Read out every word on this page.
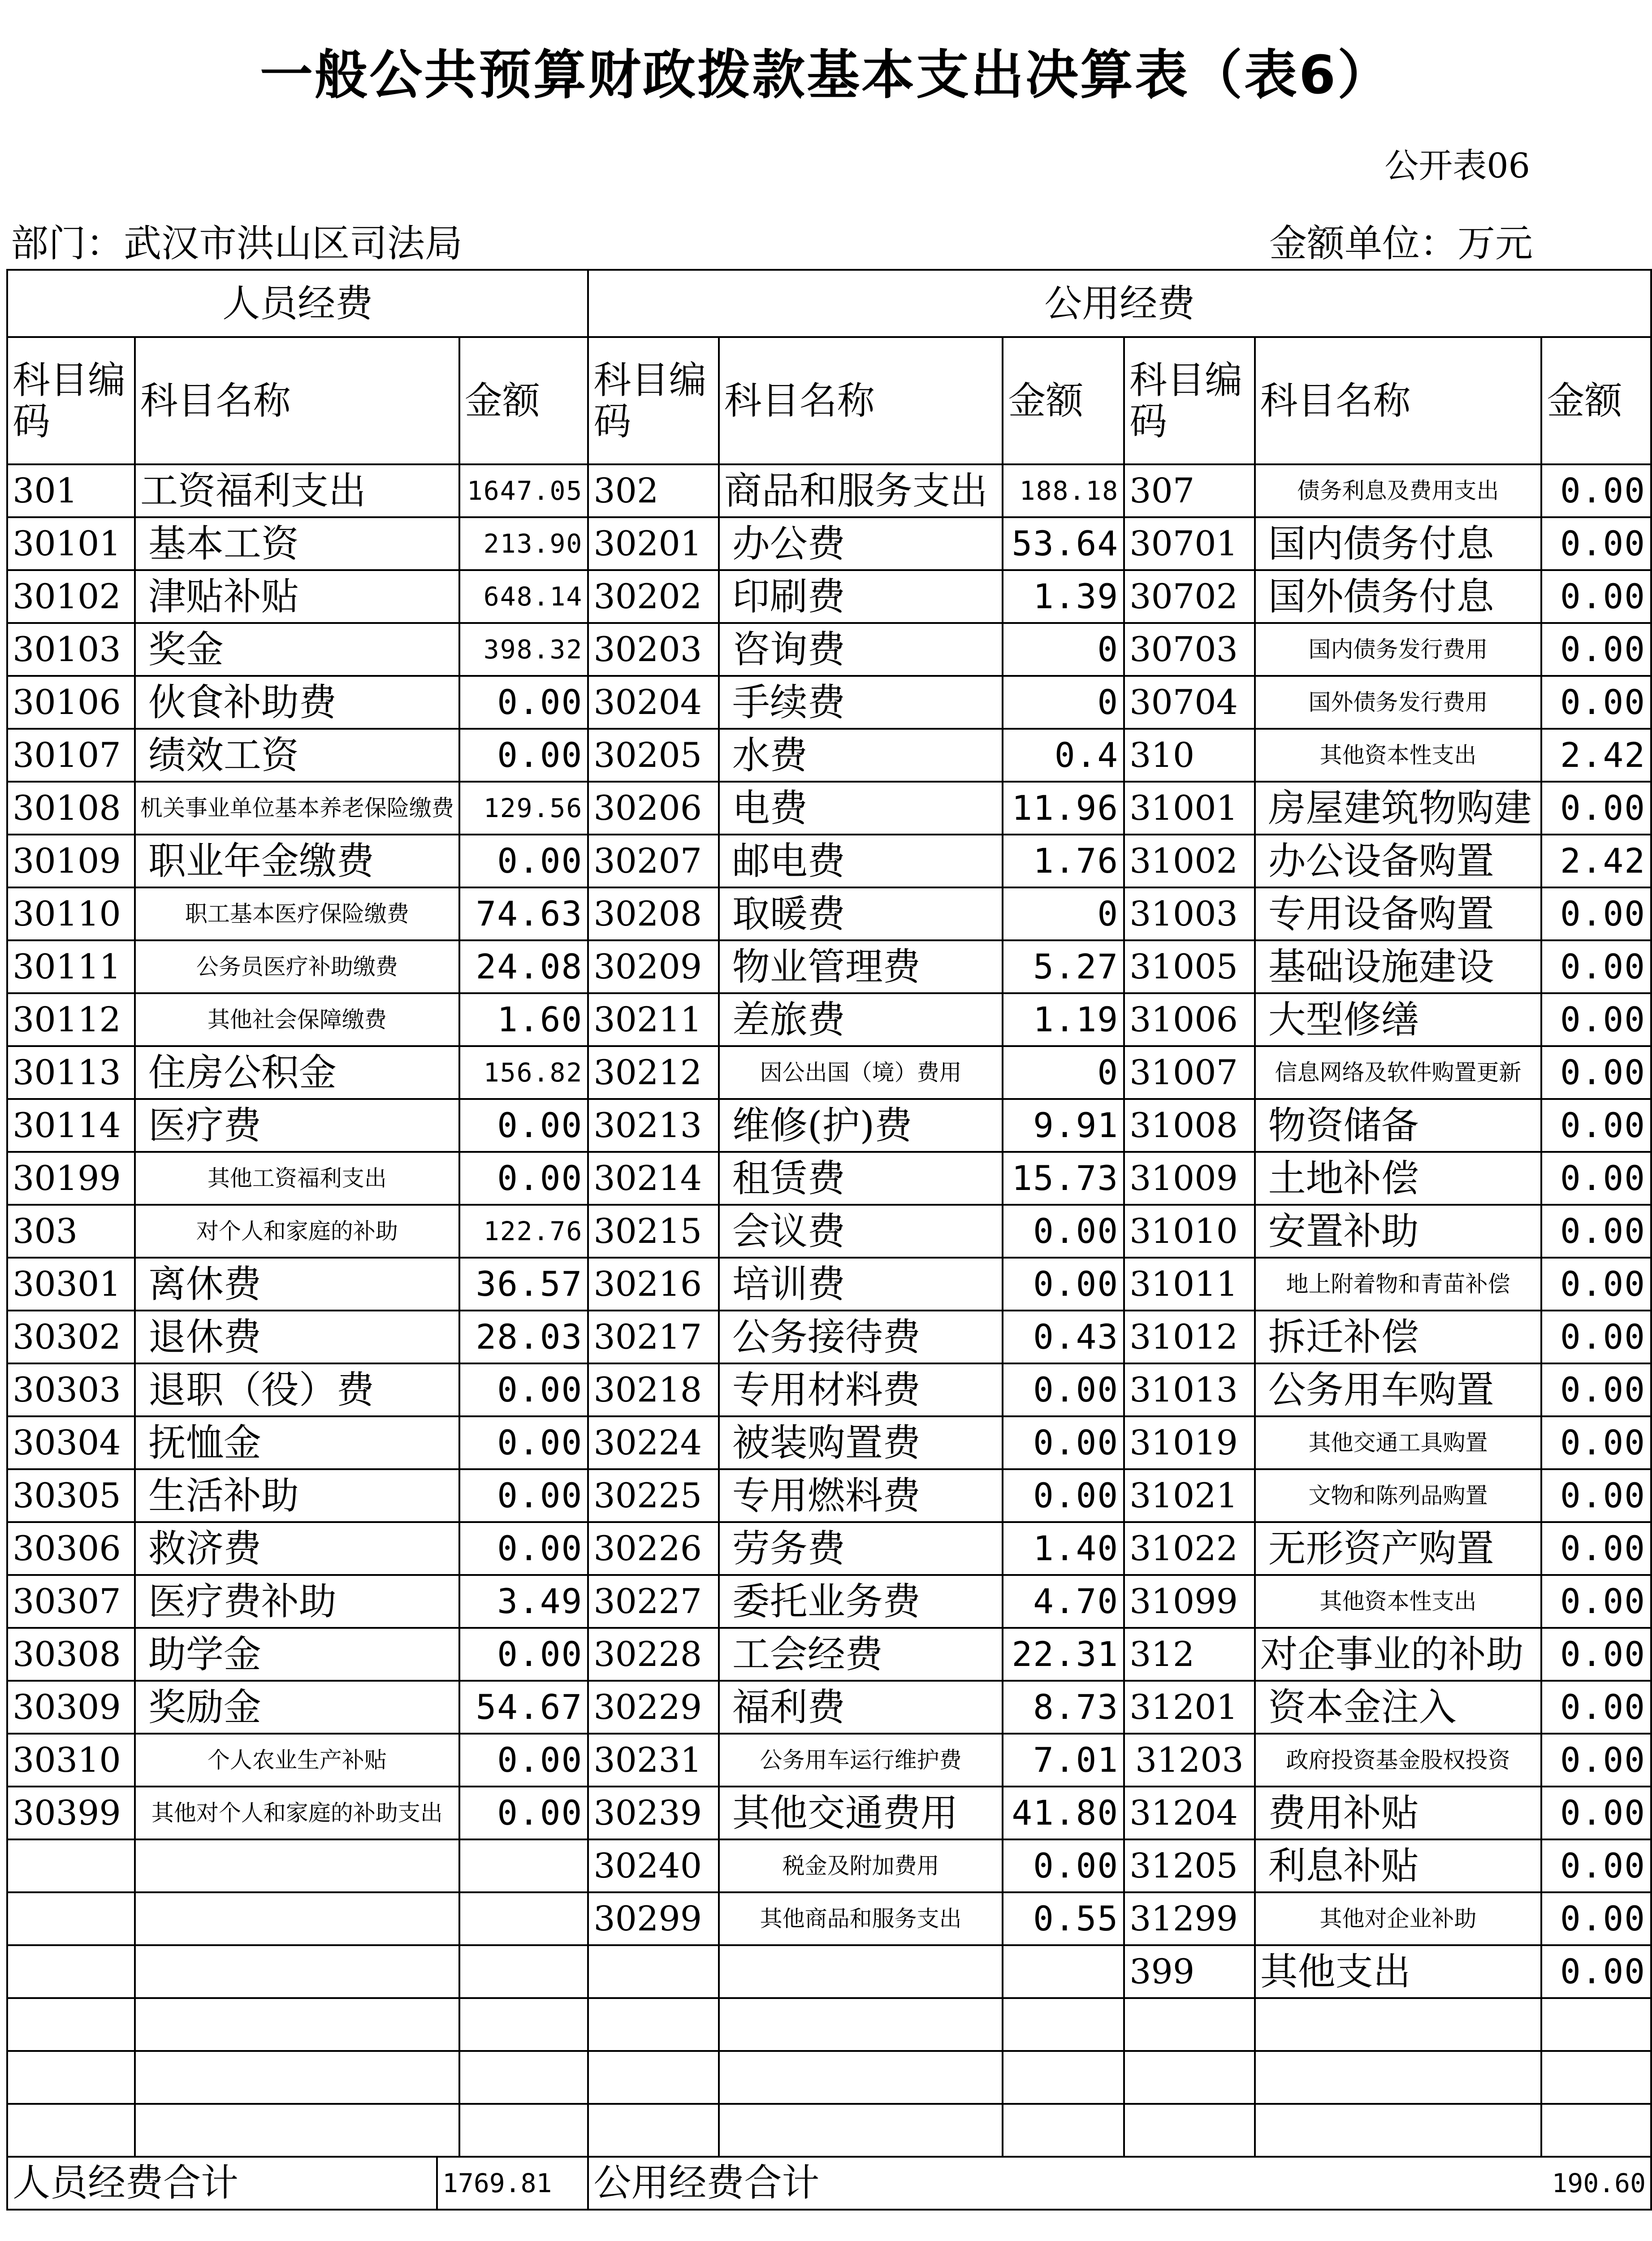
一般公共预算财政拨款基本支出决算表（表6）
公开表06
部门：武汉市洪山区司法局	金额单位：万元
人员经费			公用经费					
科目编码	科目名称	金额	科目编码	科目名称	金额	科目编码	科目名称	金额
301	工资福利支出	1647.05	302	商品和服务支出	188.18	307	债务利息及费用支出	0.00
30101	基本工资	213.90	30201	办公费	53.64	30701	国内债务付息	0.00
30102	津贴补贴	648.14	30202	印刷费	1.39	30702	国外债务付息	0.00
30103	奖金	398.32	30203	咨询费	0	30703	国内债务发行费用	0.00
30106	伙食补助费	0.00	30204	手续费	0	30704	国外债务发行费用	0.00
30107	绩效工资	0.00	30205	水费	0.4	310	其他资本性支出	2.42
30108	机关事业单位基本养老保险缴费	129.56	30206	电费	11.96	31001	房屋建筑物购建	0.00
30109	职业年金缴费	0.00	30207	邮电费	1.76	31002	办公设备购置	2.42
30110	职工基本医疗保险缴费	74.63	30208	取暖费	0	31003	专用设备购置	0.00
30111	公务员医疗补助缴费	24.08	30209	物业管理费	5.27	31005	基础设施建设	0.00
30112	其他社会保障缴费	1.60	30211	差旅费	1.19	31006	大型修缮	0.00
30113	住房公积金	156.82	30212	因公出国（境）费用	0	31007	信息网络及软件购置更新	0.00
30114	医疗费	0.00	30213	维修(护)费	9.91	31008	物资储备	0.00
30199	其他工资福利支出	0.00	30214	租赁费	15.73	31009	土地补偿	0.00
303	对个人和家庭的补助	122.76	30215	会议费	0.00	31010	安置补助	0.00
30301	离休费	36.57	30216	培训费	0.00	31011	地上附着物和青苗补偿	0.00
30302	退休费	28.03	30217	公务接待费	0.43	31012	拆迁补偿	0.00
30303	退职（役）费	0.00	30218	专用材料费	0.00	31013	公务用车购置	0.00
30304	抚恤金	0.00	30224	被装购置费	0.00	31019	其他交通工具购置	0.00
30305	生活补助	0.00	30225	专用燃料费	0.00	31021	文物和陈列品购置	0.00
30306	救济费	0.00	30226	劳务费	1.40	31022	无形资产购置	0.00
30307	医疗费补助	3.49	30227	委托业务费	4.70	31099	其他资本性支出	0.00
30308	助学金	0.00	30228	工会经费	22.31	312	对企事业的补助	0.00
30309	奖励金	54.67	30229	福利费	8.73	31201	资本金注入	0.00
30310	个人农业生产补贴	0.00	30231	公务用车运行维护费	7.01	31203	政府投资基金股权投资	0.00
30399	其他对个人和家庭的补助支出	0.00	30239	其他交通费用	41.80	31204	费用补贴	0.00
			30240	税金及附加费用	0.00	31205	利息补贴	0.00
			30299	其他商品和服务支出	0.55	31299	其他对企业补助	0.00
						399	其他支出	0.00

人员经费合计 1769.81			公用经费合计 190.60					
